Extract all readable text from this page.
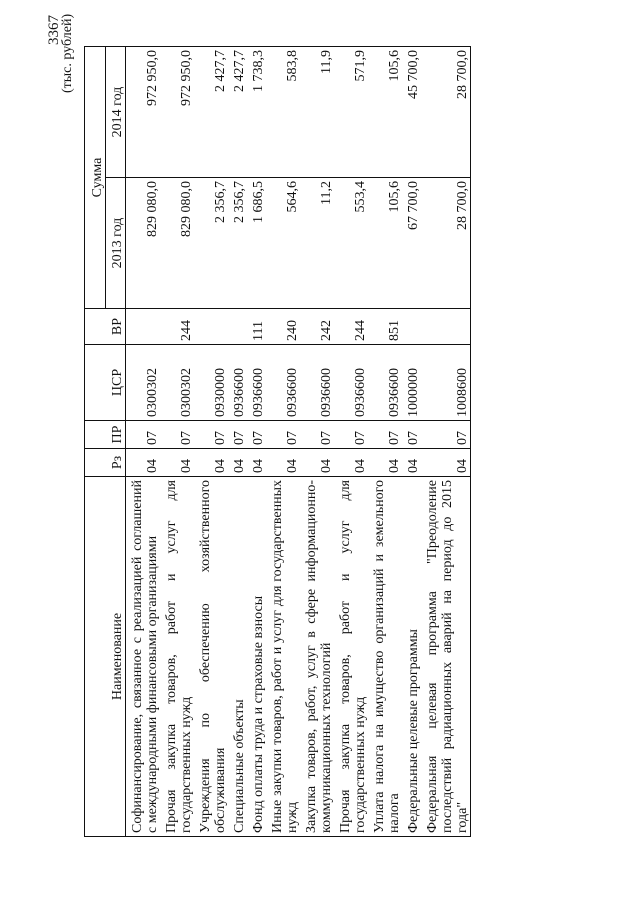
3367
(тыс. рублей)
Наименование	Рз	ПР	ЦСР	ВР	Сумма	
					2013 год	2014 год
Софинансирование, связанное с реализацией соглашений с международными финансовыми организациями	04	07	0300302		829 080,0	972 950,0
Прочая закупка товаров, работ и услуг для государственных нужд	04	07	0300302	244	829 080,0	972 950,0
Учреждения по обеспечению хозяйственного обслуживания	04	07	0930000		2 356,7	2 427,7
Специальные объекты	04	07	0936600		2 356,7	2 427,7
Фонд оплаты труда и страховые взносы	04	07	0936600	111	1 686,5	1 738,3
Иные закупки товаров, работ и услуг для государственных нужд	04	07	0936600	240	564,6	583,8
Закупка товаров, работ, услуг в сфере информационно-коммуникационных технологий	04	07	0936600	242	11,2	11,9
Прочая закупка товаров, работ и услуг для государственных нужд	04	07	0936600	244	553,4	571,9
Уплата налога на имущество организаций и земельного налога	04	07	0936600	851	105,6	105,6
Федеральные целевые программы	04	07	1000000		67 700,0	45 700,0
Федеральная целевая программа "Преодоление последствий радиационных аварий на период до 2015 года"	04	07	1008600		28 700,0	28 700,0
